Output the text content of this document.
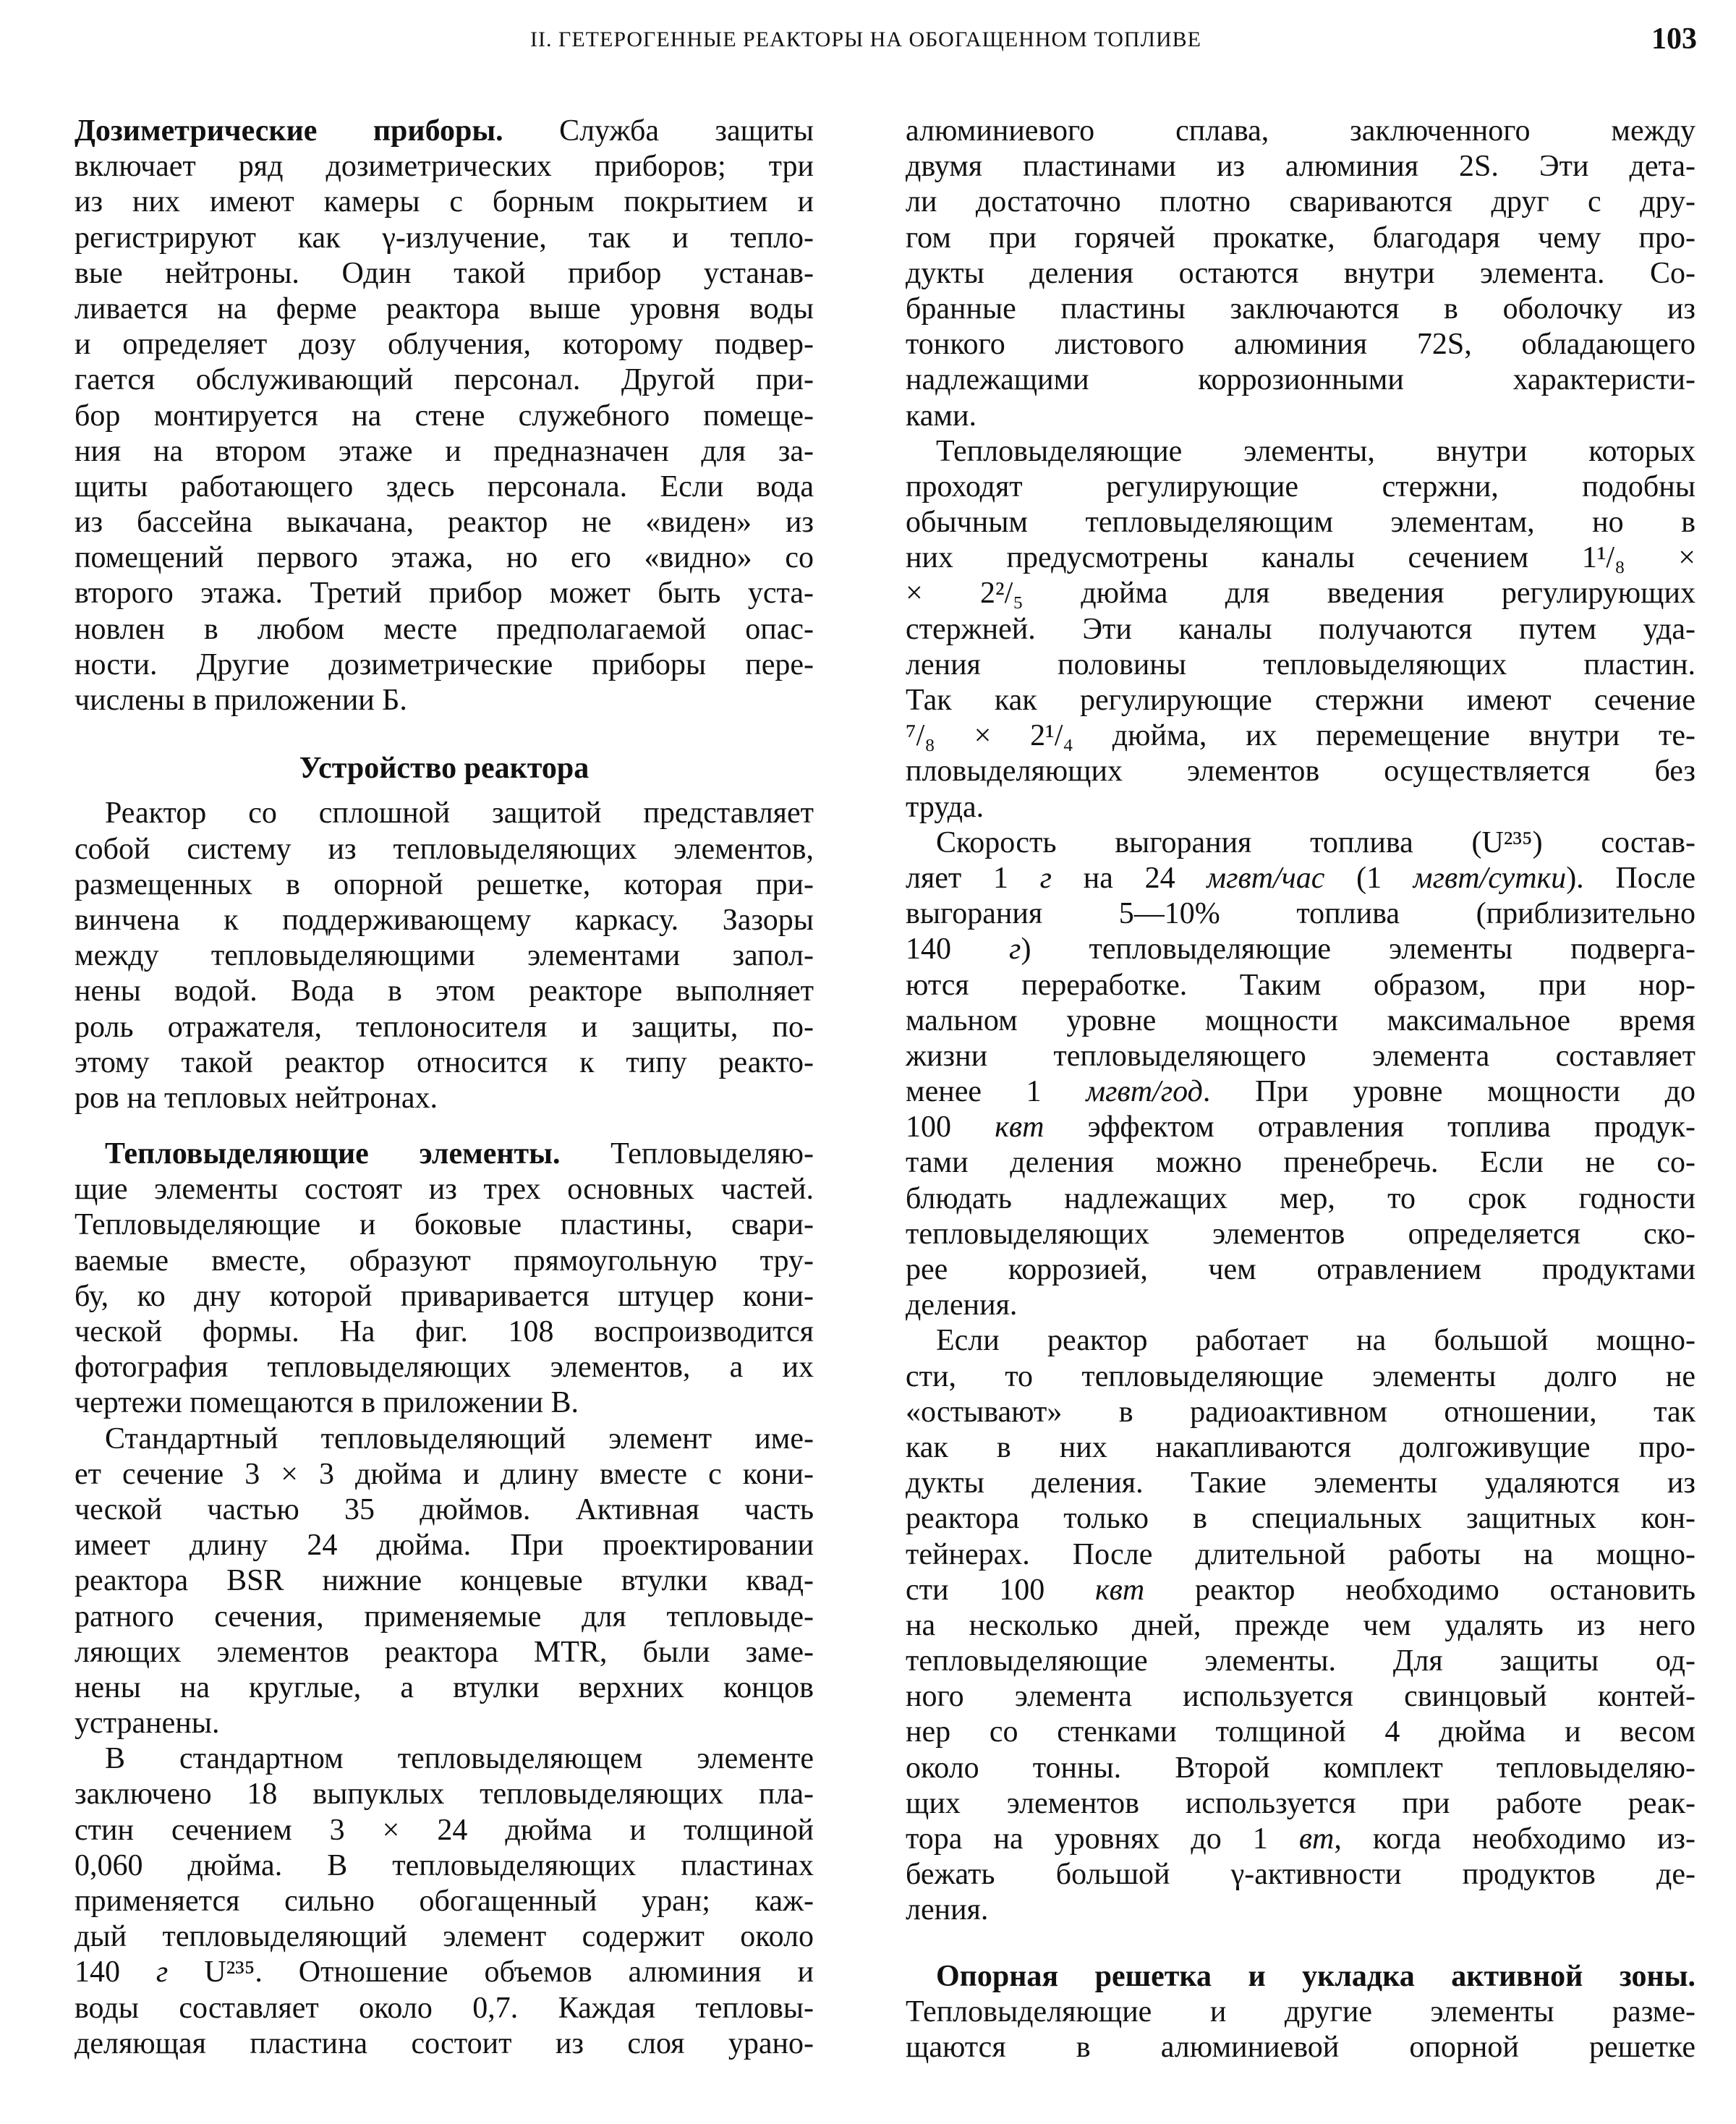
II. ГЕТЕРОГЕННЫЕ РЕАКТОРЫ НА ОБОГАЩЕННОМ ТОПЛИВЕ	103
Дозиметрические приборы. Служба защиты
включает ряд дозиметрических приборов; три
из них имеют камеры с борным покрытием и
регистрируют как γ-излучение, так и тепло-
вые нейтроны. Один такой прибор устанав-
ливается на ферме реактора выше уровня воды
и определяет дозу облучения, которому подвер-
гается обслуживающий персонал. Другой при-
бор монтируется на стене служебного помеще-
ния на втором этаже и предназначен для за-
щиты работающего здесь персонала. Если вода
из бассейна выкачана, реактор не «виден» из
помещений первого этажа, но его «видно» со
второго этажа. Третий прибор может быть уста-
новлен в любом месте предполагаемой опас-
ности. Другие дозиметрические приборы пере-
числены в приложении Б.
Устройство реактора
Реактор со сплошной защитой представляет
собой систему из тепловыделяющих элементов,
размещенных в опорной решетке, которая при-
винчена к поддерживающему каркасу. Зазоры
между тепловыделяющими элементами запол-
нены водой. Вода в этом реакторе выполняет
роль отражателя, теплоносителя и защиты, по-
этому такой реактор относится к типу реакто-
ров на тепловых нейтронах.
Тепловыделяющие элементы. Тепловыделяю-
щие элементы состоят из трех основных частей.
Тепловыделяющие и боковые пластины, свари-
ваемые вместе, образуют прямоугольную тру-
бу, ко дну которой приваривается штуцер кони-
ческой формы. На фиг. 108 воспроизводится
фотография тепловыделяющих элементов, а их
чертежи помещаются в приложении В.
Стандартный тепловыделяющий элемент име-
ет сечение 3 × 3 дюйма и длину вместе с кони-
ческой частью 35 дюймов. Активная часть
имеет длину 24 дюйма. При проектировании
реактора BSR нижние концевые втулки квад-
ратного сечения, применяемые для тепловыде-
ляющих элементов реактора MTR, были заме-
нены на круглые, а втулки верхних концов
устранены.
В стандартном тепловыделяющем элементе
заключено 18 выпуклых тепловыделяющих пла-
стин сечением 3 × 24 дюйма и толщиной
0,060 дюйма. В тепловыделяющих пластинах
применяется сильно обогащенный уран; каж-
дый тепловыделяющий элемент содержит около
140 г U²³⁵. Отношение объемов алюминия и
воды составляет около 0,7. Каждая тепловы-
деляющая пластина состоит из слоя урано-
алюминиевого сплава, заключенного между
двумя пластинами из алюминия 2S. Эти дета-
ли достаточно плотно свариваются друг с дру-
гом при горячей прокатке, благодаря чему про-
дукты деления остаются внутри элемента. Со-
бранные пластины заключаются в оболочку из
тонкого листового алюминия 72S, обладающего
надлежащими коррозионными характеристи-
ками.
Тепловыделяющие элементы, внутри которых
проходят регулирующие стержни, подобны
обычным тепловыделяющим элементам, но в
них предусмотрены каналы сечением 1¹/₈ ×
× 2²/₅ дюйма для введения регулирующих
стержней. Эти каналы получаются путем уда-
ления половины тепловыделяющих пластин.
Так как регулирующие стержни имеют сечение
⁷/₈ × 2¹/₄ дюйма, их перемещение внутри те-
пловыделяющих элементов осуществляется без
труда.
Скорость выгорания топлива (U²³⁵) состав-
ляет 1 г на 24 мгвт/час (1 мгвт/сутки). После
выгорания 5—10% топлива (приблизительно
140 г) тепловыделяющие элементы подверга-
ются переработке. Таким образом, при нор-
мальном уровне мощности максимальное время
жизни тепловыделяющего элемента составляет
менее 1 мгвт/год. При уровне мощности до
100 квт эффектом отравления топлива продук-
тами деления можно пренебречь. Если не со-
блюдать надлежащих мер, то срок годности
тепловыделяющих элементов определяется ско-
рее коррозией, чем отравлением продуктами
деления.
Если реактор работает на большой мощно-
сти, то тепловыделяющие элементы долго не
«остывают» в радиоактивном отношении, так
как в них накапливаются долгоживущие про-
дукты деления. Такие элементы удаляются из
реактора только в специальных защитных кон-
тейнерах. После длительной работы на мощно-
сти 100 квт реактор необходимо остановить
на несколько дней, прежде чем удалять из него
тепловыделяющие элементы. Для защиты од-
ного элемента используется свинцовый контей-
нер со стенками толщиной 4 дюйма и весом
около тонны. Второй комплект тепловыделяю-
щих элементов используется при работе реак-
тора на уровнях до 1 вт, когда необходимо из-
бежать большой γ-активности продуктов де-
ления.
Опорная решетка и укладка активной зоны.
Тепловыделяющие и другие элементы разме-
щаются в алюминиевой опорной решетке
